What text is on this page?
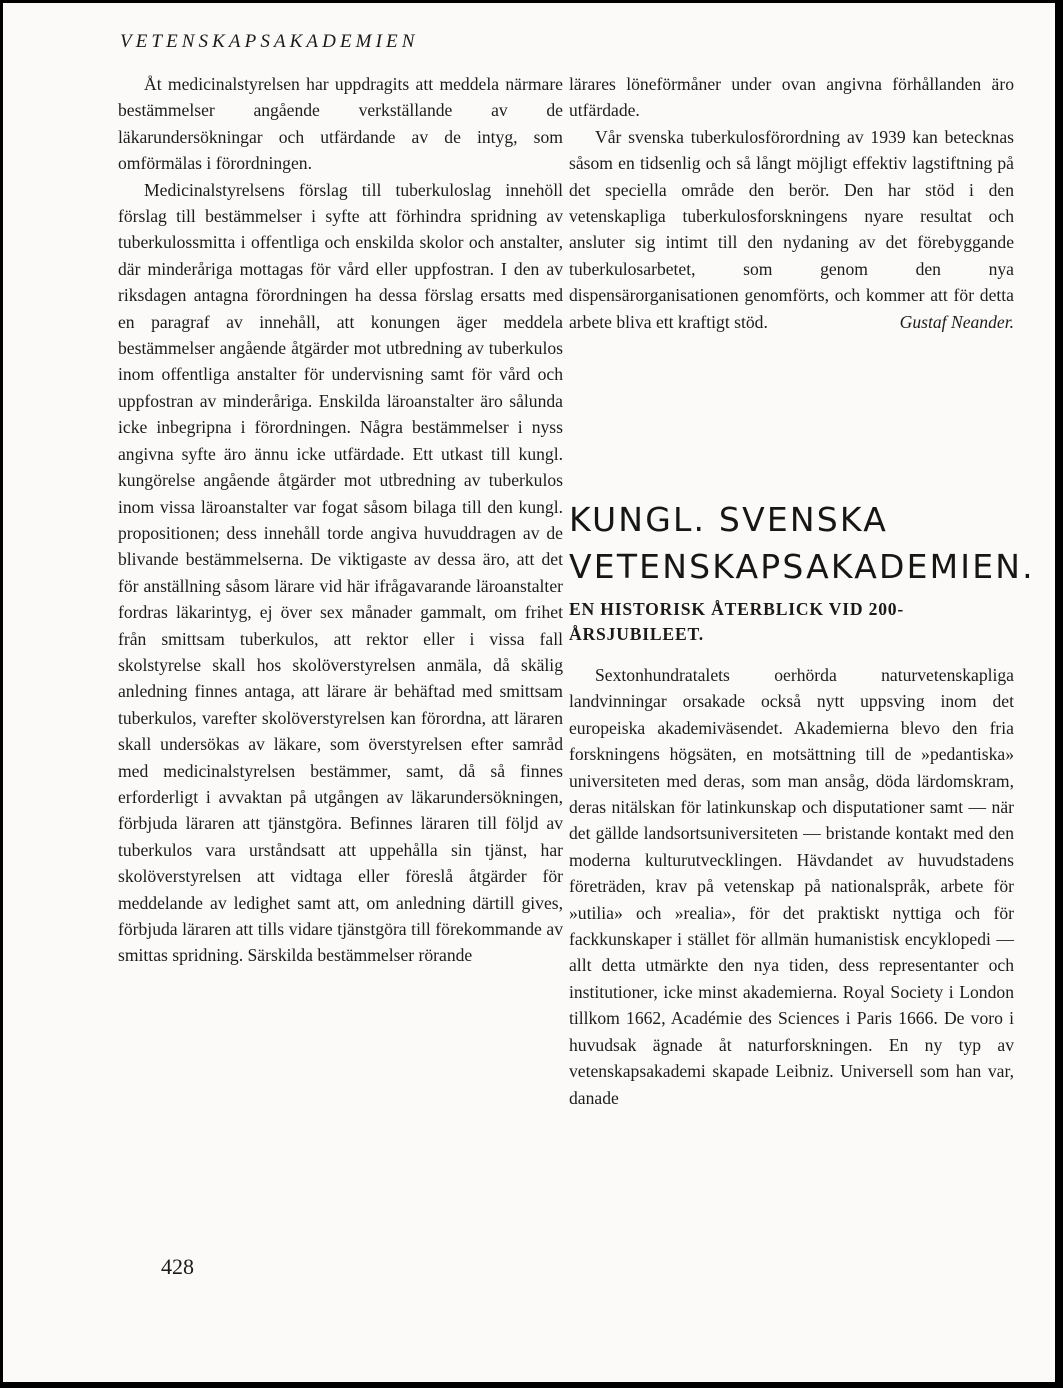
VETENSKAPSAKADEMIEN

Åt medicinalstyrelsen har uppdragits att meddela närmare bestämmelser angående verkställande av de läkarundersökningar och utfärdande av de intyg, som omförmälas i förordningen.

Medicinalstyrelsens förslag till tuberkuloslag innehöll förslag till bestämmelser i syfte att förhindra spridning av tuberkulossmitta i offentliga och enskilda skolor och anstalter, där minderåriga mottagas för vård eller uppfostran. I den av riksdagen antagna förordningen ha dessa förslag ersatts med en paragraf av innehåll, att konungen äger meddela bestämmelser angående åtgärder mot utbredning av tuberkulos inom offentliga anstalter för undervisning samt för vård och uppfostran av minderåriga. Enskilda läroanstalter äro sålunda icke inbegripna i förordningen. Några bestämmelser i nyss angivna syfte äro ännu icke utfärdade. Ett utkast till kungl. kungörelse angående åtgärder mot utbredning av tuberkulos inom vissa läroanstalter var fogat såsom bilaga till den kungl. propositionen; dess innehåll torde angiva huvuddragen av de blivande bestämmelserna. De viktigaste av dessa äro, att det för anställning såsom lärare vid här ifrågavarande läroanstalter fordras läkarintyg, ej över sex månader gammalt, om frihet från smittsam tuberkulos, att rektor eller i vissa fall skolstyrelse skall hos skolöverstyrelsen anmäla, då skälig anledning finnes antaga, att lärare är behäftad med smittsam tuberkulos, varefter skolöverstyrelsen kan förordna, att läraren skall undersökas av läkare, som överstyrelsen efter samråd med medicinalstyrelsen bestämmer, samt, då så finnes erforderligt i avvaktan på utgången av läkarundersökningen, förbjuda läraren att tjänstgöra. Befinnes läraren till följd av tuberkulos vara urståndsatt att uppehålla sin tjänst, har skolöverstyrelsen att vidtaga eller föreslå åtgärder för meddelande av ledighet samt att, om anledning därtill gives, förbjuda läraren att tills vidare tjänstgöra till förekommande av smittas spridning. Särskilda bestämmelser rörande

lärares löneförmåner under ovan angivna förhållanden äro utfärdade.

Vår svenska tuberkulosförordning av 1939 kan betecknas såsom en tidsenlig och så långt möjligt effektiv lagstiftning på det speciella område den berör. Den har stöd i den vetenskapliga tuberkulosforskningens nyare resultat och ansluter sig intimt till den nydaning av det förebyggande tuberkulosarbetet, som genom den nya dispensärorganisationen genomförts, och kommer att för detta arbete bliva ett kraftigt stöd.	Gustaf Neander.

KUNGL. SVENSKA VETENSKAPSAKADEMIEN.
EN HISTORISK ÅTERBLICK VID 200-ÅRSJUBILEET.

Sextonhundratalets oerhörda naturvetenskapliga landvinningar orsakade också nytt uppsving inom det europeiska akademiväsendet. Akademierna blevo den fria forskningens högsäten, en motsättning till de »pedantiska» universiteten med deras, som man ansåg, döda lärdomskram, deras nitälskan för latinkunskap och disputationer samt — när det gällde landsortsuniversiteten — bristande kontakt med den moderna kulturutvecklingen. Hävdandet av huvudstadens företräden, krav på vetenskap på nationalspråk, arbete för »utilia» och »realia», för det praktiskt nyttiga och för fackkunskaper i stället för allmän humanistisk encyklopedi — allt detta utmärkte den nya tiden, dess representanter och institutioner, icke minst akademierna. Royal Society i London tillkom 1662, Académie des Sciences i Paris 1666. De voro i huvudsak ägnade åt naturforskningen. En ny typ av vetenskapsakademi skapade Leibniz. Universell som han var, danade

428
